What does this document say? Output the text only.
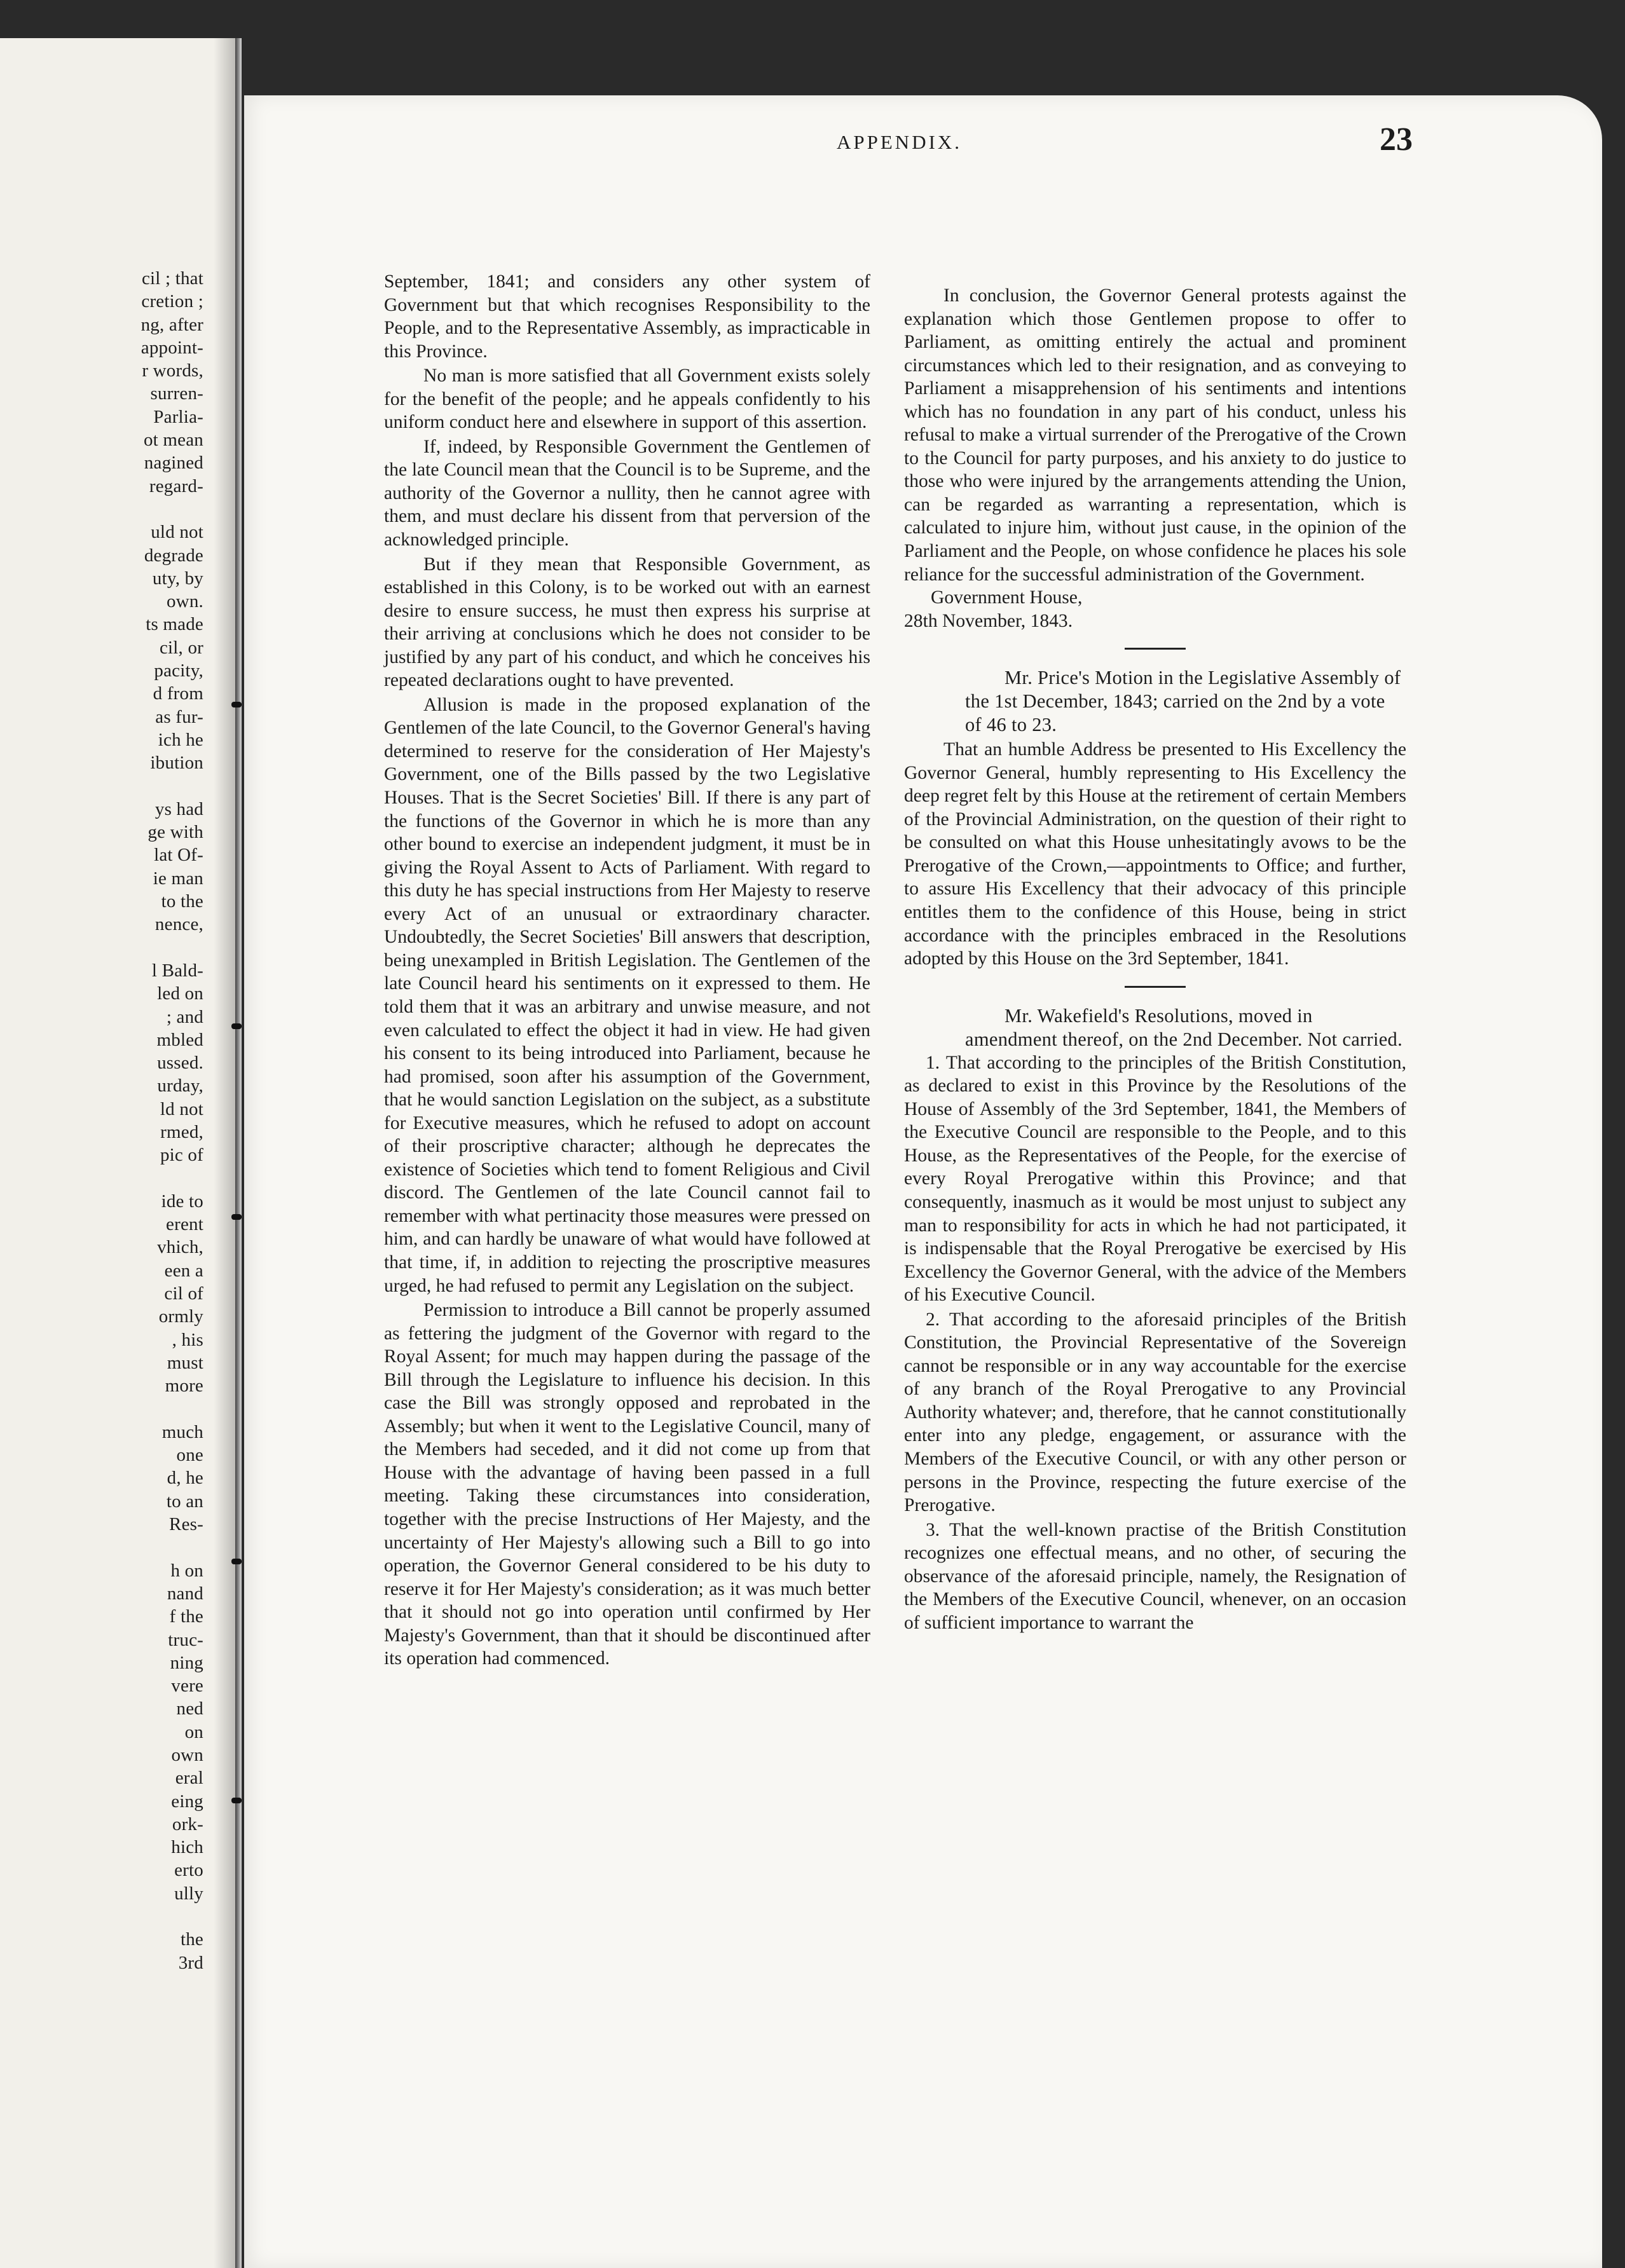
cil ; that
cretion ;
ng, after
appoint-
r words,
surren-
Parlia-
ot mean
nagined
regard-
uld not
degrade
uty, by
own.
ts made
cil, or
pacity,
d from
as fur-
ich he
ibution
ys had
ge with
lat Of-
ie man
to the
nence,
l Bald-
led on
; and
mbled
ussed.
urday,
ld not
rmed,
pic of
ide to
erent
vhich,
een a
cil of
ormly
, his
must
more
much
one
d, he
to an
Res-
h on
nand
f the
truc-
ning
vere
ned
on
own
eral
eing
ork-
hich
erto
ully
the
3rd
APPENDIX.	23

September, 1841; and considers any other system of Government but that which recognises Responsibility to the People, and to the Representative Assembly, as impracticable in this Province.

No man is more satisfied that all Government exists solely for the benefit of the people; and he appeals confidently to his uniform conduct here and elsewhere in support of this assertion.

If, indeed, by Responsible Government the Gentlemen of the late Council mean that the Council is to be Supreme, and the authority of the Governor a nullity, then he cannot agree with them, and must declare his dissent from that perversion of the acknowledged principle.

But if they mean that Responsible Government, as established in this Colony, is to be worked out with an earnest desire to ensure success, he must then express his surprise at their arriving at conclusions which he does not consider to be justified by any part of his conduct, and which he conceives his repeated declarations ought to have prevented.

Allusion is made in the proposed explanation of the Gentlemen of the late Council, to the Governor General's having determined to reserve for the consideration of Her Majesty's Government, one of the Bills passed by the two Legislative Houses. That is the Secret Societies' Bill. If there is any part of the functions of the Governor in which he is more than any other bound to exercise an independent judgment, it must be in giving the Royal Assent to Acts of Parliament. With regard to this duty he has special instructions from Her Majesty to reserve every Act of an unusual or extraordinary character. Undoubtedly, the Secret Societies' Bill answers that description, being unexampled in British Legislation. The Gentlemen of the late Council heard his sentiments on it expressed to them. He told them that it was an arbitrary and unwise measure, and not even calculated to effect the object it had in view. He had given his consent to its being introduced into Parliament, because he had promised, soon after his assumption of the Government, that he would sanction Legislation on the subject, as a substitute for Executive measures, which he refused to adopt on account of their proscriptive character; although he deprecates the existence of Societies which tend to foment Religious and Civil discord. The Gentlemen of the late Council cannot fail to remember with what pertinacity those measures were pressed on him, and can hardly be unaware of what would have followed at that time, if, in addition to rejecting the proscriptive measures urged, he had refused to permit any Legislation on the subject.

Permission to introduce a Bill cannot be properly assumed as fettering the judgment of the Governor with regard to the Royal Assent; for much may happen during the passage of the Bill through the Legislature to influence his decision. In this case the Bill was strongly opposed and reprobated in the Assembly; but when it went to the Legislative Council, many of the Members had seceded, and it did not come up from that House with the advantage of having been passed in a full meeting. Taking these circumstances into consideration, together with the precise Instructions of Her Majesty, and the uncertainty of Her Majesty's allowing such a Bill to go into operation, the Governor General considered to be his duty to reserve it for Her Majesty's consideration; as it was much better that it should not go into operation until confirmed by Her Majesty's Government, than that it should be discontinued after its operation had commenced.

In conclusion, the Governor General protests against the explanation which those Gentlemen propose to offer to Parliament, as omitting entirely the actual and prominent circumstances which led to their resignation, and as conveying to Parliament a misapprehension of his sentiments and intentions which has no foundation in any part of his conduct, unless his refusal to make a virtual surrender of the Prerogative of the Crown to the Council for party purposes, and his anxiety to do justice to those who were injured by the arrangements attending the Union, can be regarded as warranting a representation, which is calculated to injure him, without just cause, in the opinion of the Parliament and the People, on whose confidence he places his sole reliance for the successful administration of the Government.

Government House,
28th November, 1843.

Mr. Price's Motion in the Legislative Assembly of the 1st December, 1843; carried on the 2nd by a vote of 46 to 23.

That an humble Address be presented to His Excellency the Governor General, humbly representing to His Excellency the deep regret felt by this House at the retirement of certain Members of the Provincial Administration, on the question of their right to be consulted on what this House unhesitatingly avows to be the Prerogative of the Crown,—appointments to Office; and further, to assure His Excellency that their advocacy of this principle entitles them to the confidence of this House, being in strict accordance with the principles embraced in the Resolutions adopted by this House on the 3rd September, 1841.

Mr. Wakefield's Resolutions, moved in amendment thereof, on the 2nd December. Not carried.

1. That according to the principles of the British Constitution, as declared to exist in this Province by the Resolutions of the House of Assembly of the 3rd September, 1841, the Members of the Executive Council are responsible to the People, and to this House, as the Representatives of the People, for the exercise of every Royal Prerogative within this Province; and that consequently, inasmuch as it would be most unjust to subject any man to responsibility for acts in which he had not participated, it is indispensable that the Royal Prerogative be exercised by His Excellency the Governor General, with the advice of the Members of his Executive Council.

2. That according to the aforesaid principles of the British Constitution, the Provincial Representative of the Sovereign cannot be responsible or in any way accountable for the exercise of any branch of the Royal Prerogative to any Provincial Authority whatever; and, therefore, that he cannot constitutionally enter into any pledge, engagement, or assurance with the Members of the Executive Council, or with any other person or persons in the Province, respecting the future exercise of the Prerogative.

3. That the well-known practise of the British Constitution recognizes one effectual means, and no other, of securing the observance of the aforesaid principle, namely, the Resignation of the Members of the Executive Council, whenever, on an occasion of sufficient importance to warrant the
